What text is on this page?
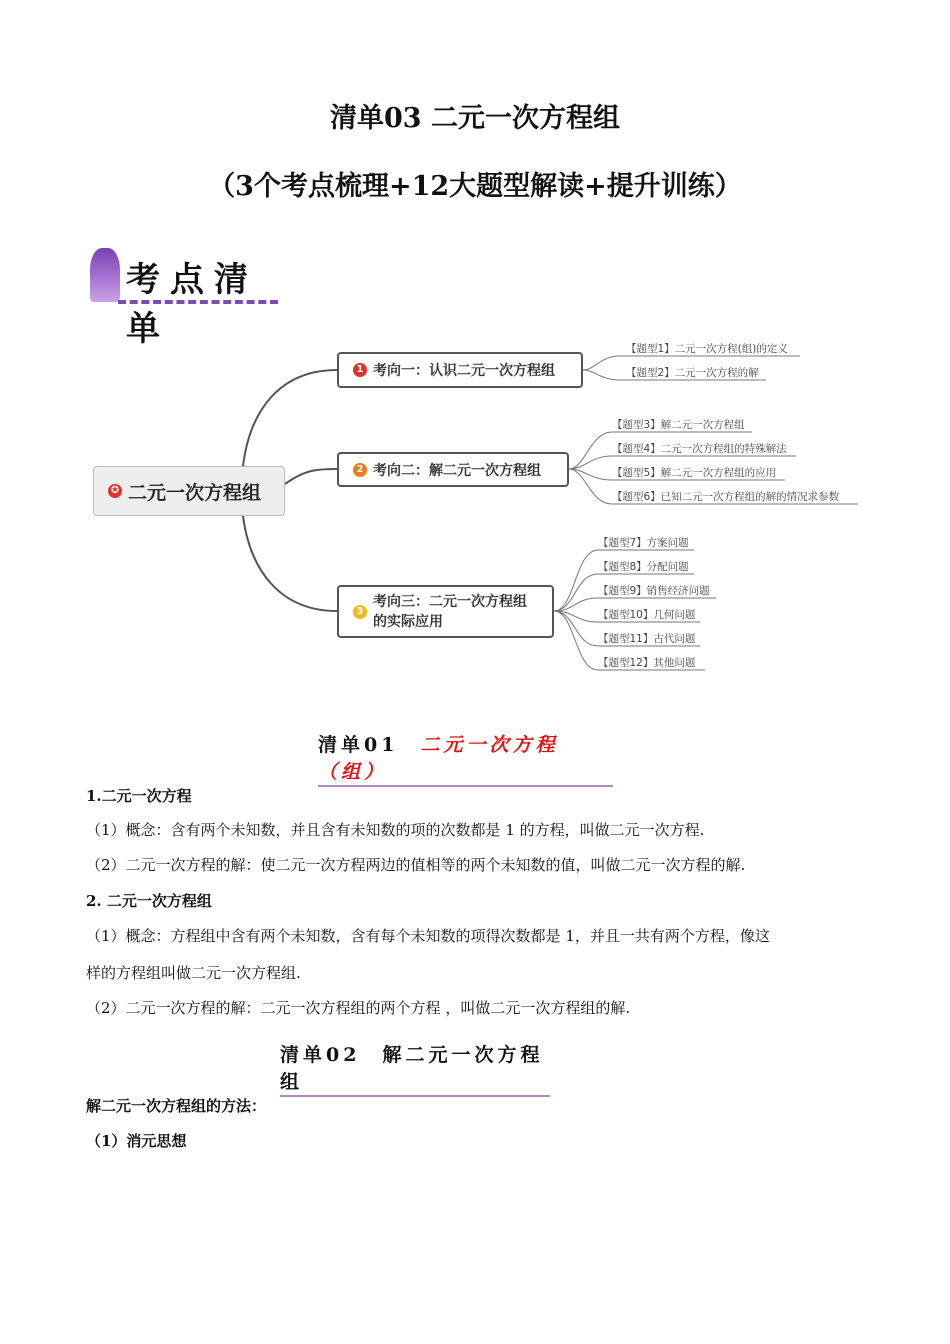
清单03 二元一次方程组
（3个考点梳理+12大题型解读+提升训练）
考点清单
✪ 二元一次方程组
1 考向一：认识二元一次方程组
2 考向二：解二元一次方程组
3
考向三：二元一次方程组
的实际应用
【题型1】二元一次方程(组)的定义
【题型2】二元一次方程的解
【题型3】解二元一次方程组
【题型4】二元一次方程组的特殊解法
【题型5】解二元一次方程组的应用
【题型6】已知二元一次方程组的解的情况求参数
【题型7】方案问题
【题型8】分配问题
【题型9】销售经济问题
【题型10】几何问题
【题型11】古代问题
【题型12】其他问题
清单01 二元一次方程（组）
1.二元一次方程
（1）概念：含有两个未知数，并且含有未知数的项的次数都是 1 的方程，叫做二元一次方程.
（2）二元一次方程的解：使二元一次方程两边的值相等的两个未知数的值，叫做二元一次方程的解.
2. 二元一次方程组
（1）概念：方程组中含有两个未知数，含有每个未知数的项得次数都是 1，并且一共有两个方程，像这
样的方程组叫做二元一次方程组.
（2）二元一次方程的解：二元一次方程组的两个方程 ，叫做二元一次方程组的解.
清单02 解二元一次方程组
解二元一次方程组的方法：
（1）消元思想
